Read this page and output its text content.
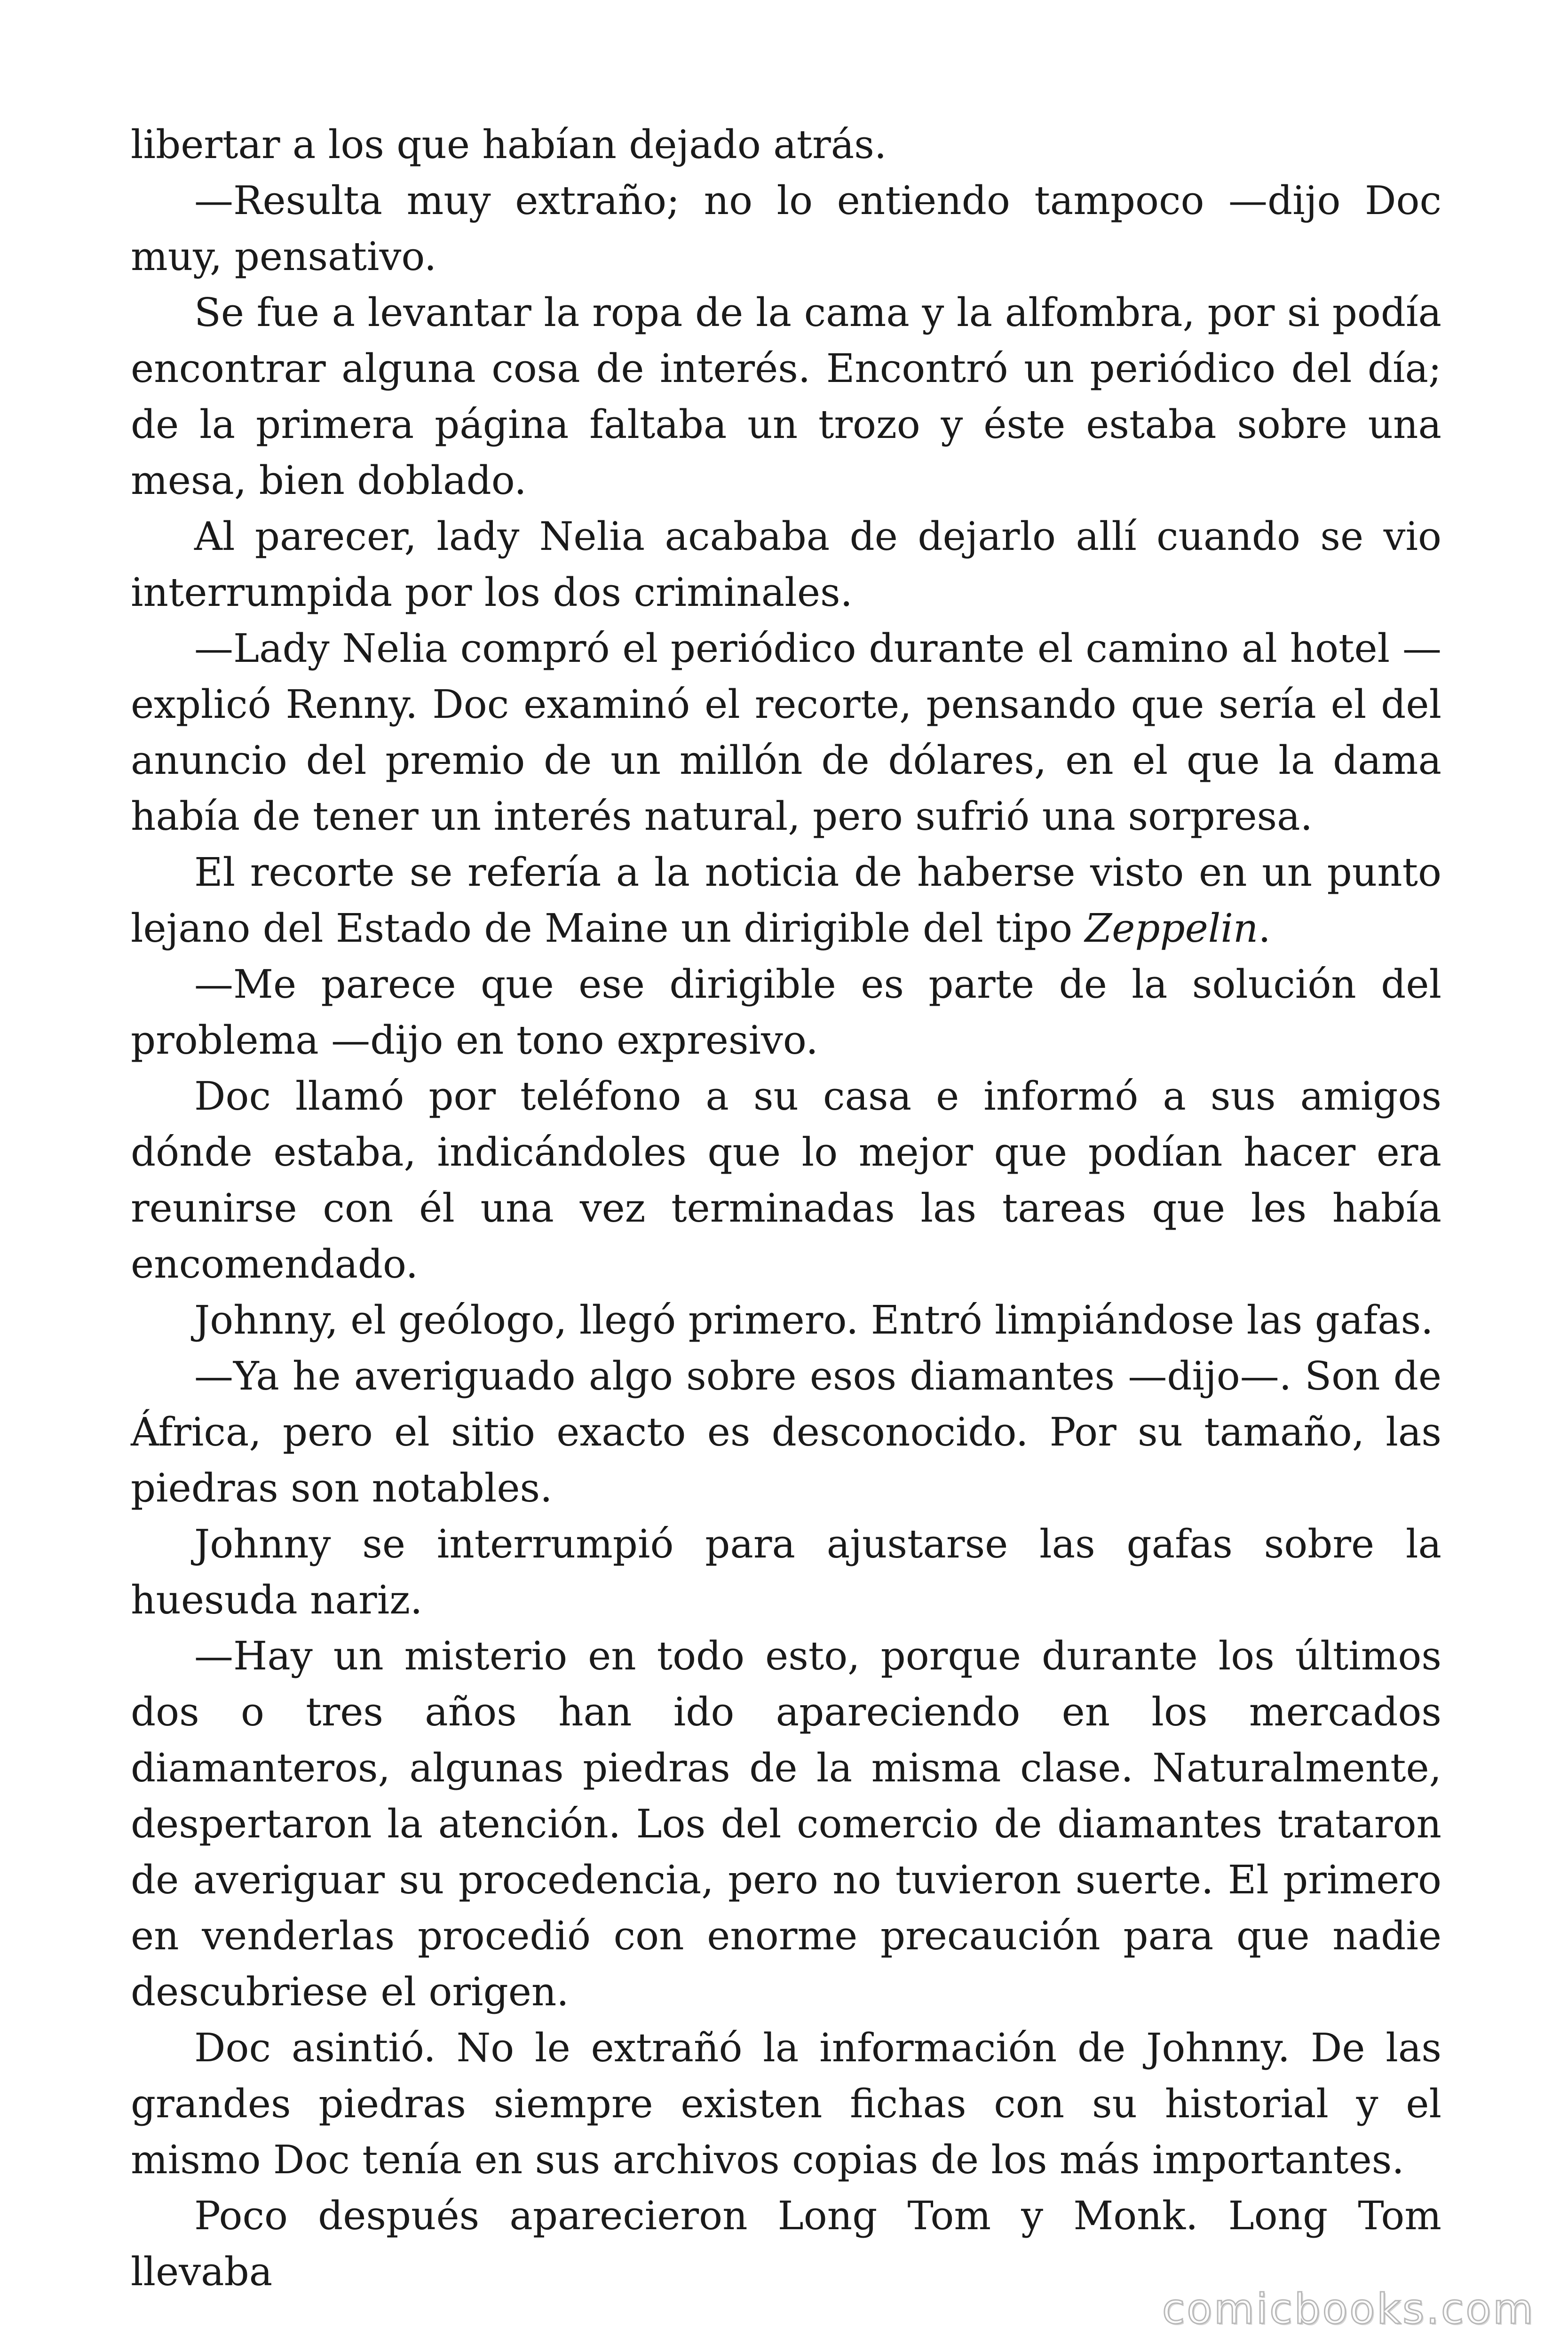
libertar a los que habían dejado atrás.

—Resulta muy extraño; no lo entiendo tampoco —dijo Doc muy, pensativo.

Se fue a levantar la ropa de la cama y la alfombra, por si podía encontrar alguna cosa de interés. Encontró un periódico del día; de la primera página faltaba un trozo y éste estaba sobre una mesa, bien doblado.

Al parecer, lady Nelia acababa de dejarlo allí cuando se vio interrumpida por los dos criminales.

—Lady Nelia compró el periódico durante el camino al hotel — explicó Renny. Doc examinó el recorte, pensando que sería el del anuncio del premio de un millón de dólares, en el que la dama había de tener un interés natural, pero sufrió una sorpresa.

El recorte se refería a la noticia de haberse visto en un punto lejano del Estado de Maine un dirigible del tipo Zeppelin.

—Me parece que ese dirigible es parte de la solución del problema —dijo en tono expresivo.

Doc llamó por teléfono a su casa e informó a sus amigos dónde estaba, indicándoles que lo mejor que podían hacer era reunirse con él una vez terminadas las tareas que les había encomendado.

Johnny, el geólogo, llegó primero. Entró limpiándose las gafas.

—Ya he averiguado algo sobre esos diamantes —dijo—. Son de África, pero el sitio exacto es desconocido. Por su tamaño, las piedras son notables.

Johnny se interrumpió para ajustarse las gafas sobre la huesuda nariz.

—Hay un misterio en todo esto, porque durante los últimos dos o tres años han ido apareciendo en los mercados diamanteros, algunas piedras de la misma clase. Naturalmente, despertaron la atención. Los del comercio de diamantes trataron de averiguar su procedencia, pero no tuvieron suerte. El primero en venderlas procedió con enorme precaución para que nadie descubriese el origen.

Doc asintió. No le extrañó la información de Johnny. De las grandes piedras siempre existen fichas con su historial y el mismo Doc tenía en sus archivos copias de los más importantes.

Poco después aparecieron Long Tom y Monk. Long Tom llevaba

comicbooks.com
